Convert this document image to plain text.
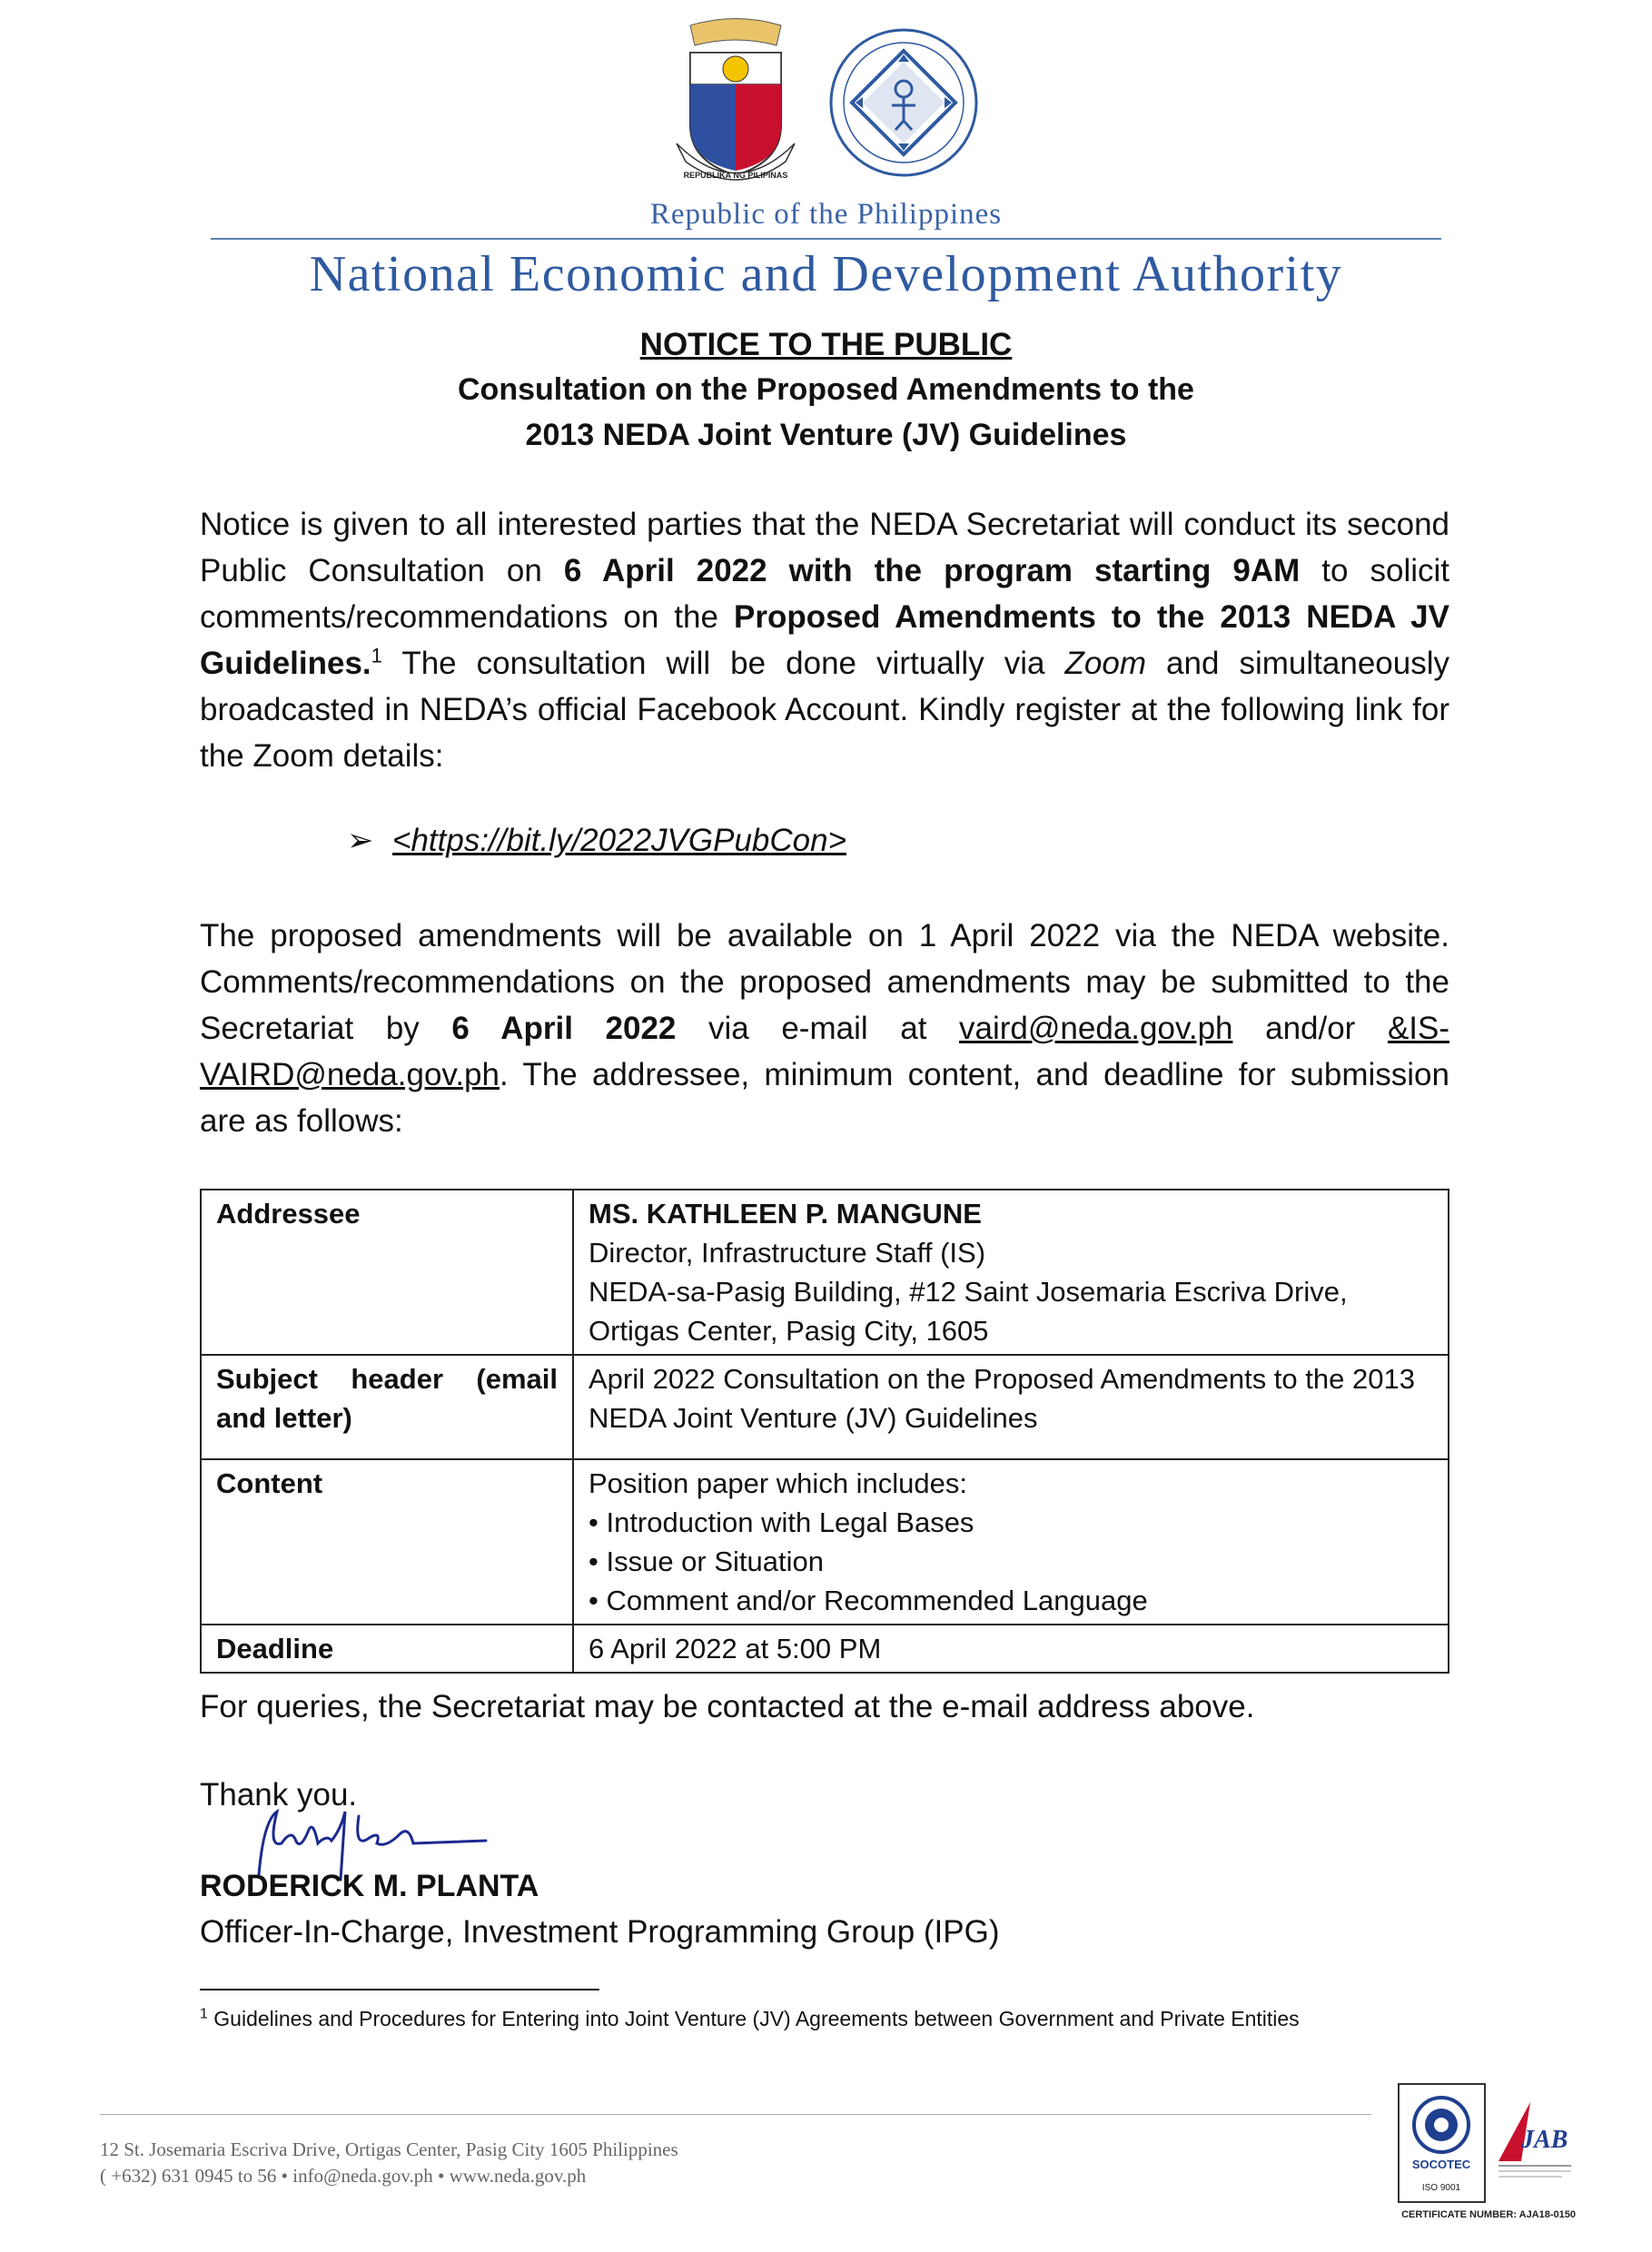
REPUBLIKA NG PILIPINAS
Republic of the Philippines
National Economic and Development Authority
NOTICE TO THE PUBLIC
Consultation on the Proposed Amendments to the
2013 NEDA Joint Venture (JV) Guidelines
Notice is given to all interested parties that the NEDA Secretariat will conduct its second Public Consultation on 6 April 2022 with the program starting 9AM to solicit comments/recommendations on the Proposed Amendments to the 2013 NEDA JV Guidelines.$^1$ The consultation will be done virtually via Zoom and simultaneously broadcasted in NEDA’s official Facebook Account. Kindly register at the following link for the Zoom details:
➢ <https://bit.ly/2022JVGPubCon>
The proposed amendments will be available on 1 April 2022 via the NEDA website. Comments/recommendations on the proposed amendments may be submitted to the Secretariat by 6 April 2022 via e-mail at vaird@neda.gov.ph and/or &IS-VAIRD@neda.gov.ph. The addressee, minimum content, and deadline for submission are as follows:
Addressee	MS. KATHLEEN P. MANGUNE
Director, Infrastructure Staff (IS)
NEDA-sa-Pasig Building, #12 Saint Josemaria Escriva Drive,
Ortigas Center, Pasig City, 1605

Subject header (email and letter)	April 2022 Consultation on the Proposed Amendments to the 2013 NEDA Joint Venture (JV) Guidelines
Content	Position paper which includes:
• Introduction with Legal Bases
• Issue or Situation
• Comment and/or Recommended Language

Deadline	6 April 2022 at 5:00 PM
For queries, the Secretariat may be contacted at the e-mail address above.
Thank you.
RODERICK M. PLANTA
Officer-In-Charge, Investment Programming Group (IPG)
$^1$ Guidelines and Procedures for Entering into Joint Venture (JV) Agreements between Government and Private Entities
12 St. Josemaria Escriva Drive, Ortigas Center, Pasig City 1605 Philippines
( +632) 631 0945 to 56 • info@neda.gov.ph • www.neda.gov.ph
SOCOTEC
ISO 9001
JAB
CERTIFICATE NUMBER: AJA18-0150
